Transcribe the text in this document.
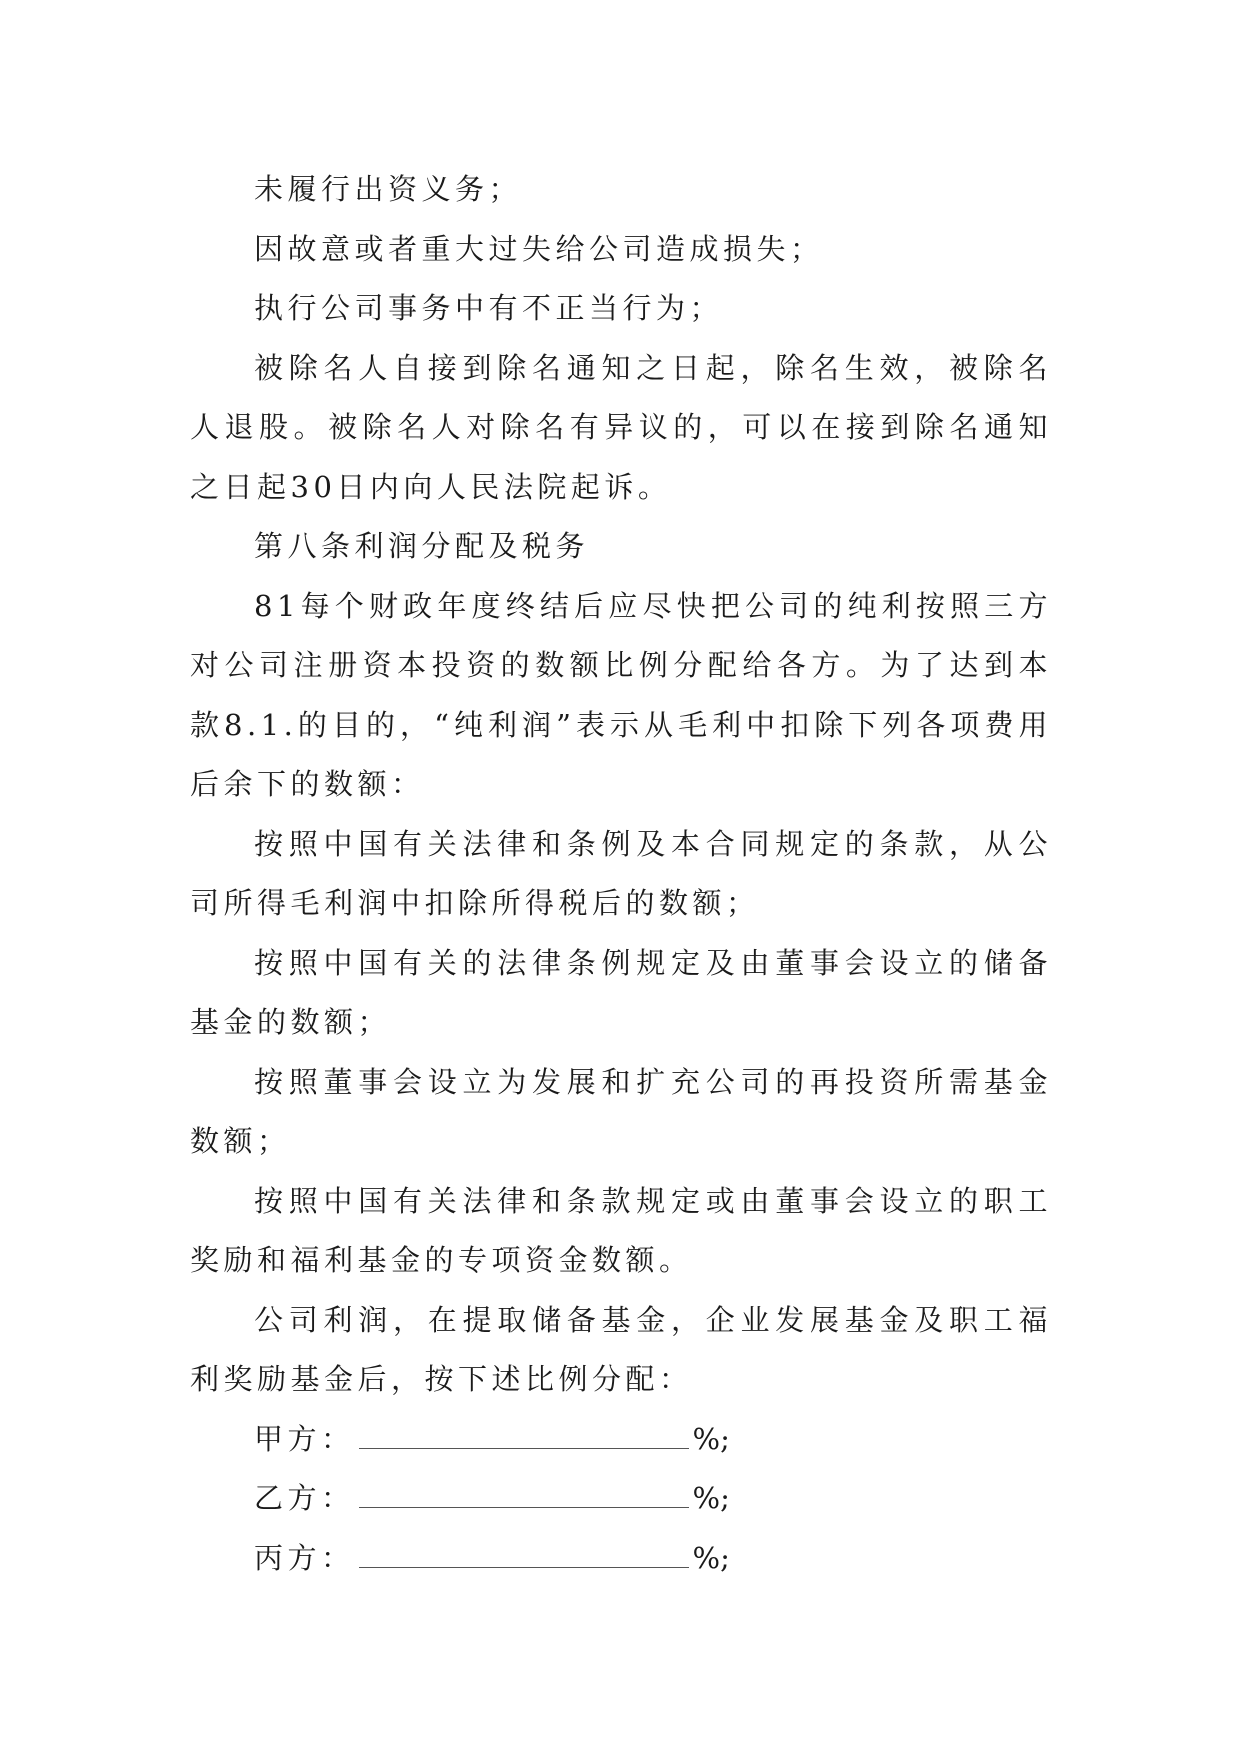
未履行出资义务；

因故意或者重大过失给公司造成损失；

执行公司事务中有不正当行为；

被除名人自接到除名通知之日起，除名生效，被除名人退股。被除名人对除名有异议的，可以在接到除名通知之日起30日内向人民法院起诉。

第八条利润分配及税务

81每个财政年度终结后应尽快把公司的纯利按照三方对公司注册资本投资的数额比例分配给各方。为了达到本款8.1.的目的，“纯利润”表示从毛利中扣除下列各项费用后余下的数额：

按照中国有关法律和条例及本合同规定的条款，从公司所得毛利润中扣除所得税后的数额；

按照中国有关的法律条例规定及由董事会设立的储备基金的数额；

按照董事会设立为发展和扩充公司的再投资所需基金数额；

按照中国有关法律和条款规定或由董事会设立的职工奖励和福利基金的专项资金数额。

公司利润，在提取储备基金，企业发展基金及职工福利奖励基金后，按下述比例分配：

甲方：	%;

乙方：	%;

丙方：	%;
